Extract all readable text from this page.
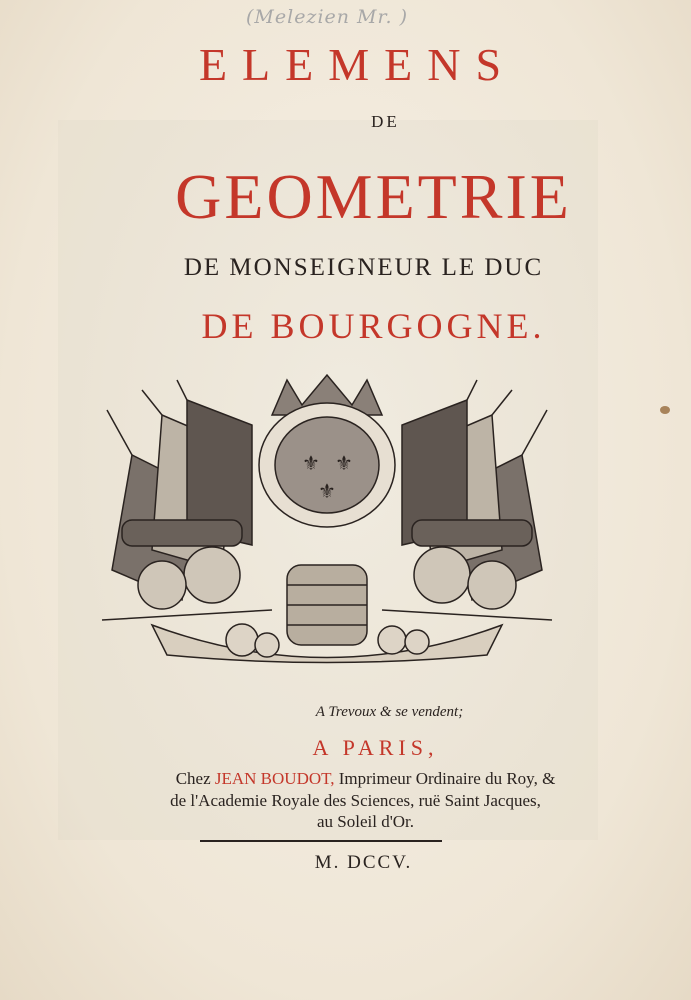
(Melezien Mr. )
ELEMENS
DE
GEOMETRIE
DE MONSEIGNEUR LE DUC
DE BOURGOGNE.
⚜ ⚜
⚜
A Trevoux & se vendent;
A PARIS,
Chez JEAN BOUDOT, Imprimeur Ordinaire du Roy, &
de l'Academie Royale des Sciences, ruë Saint Jacques,
au Soleil d'Or.
M. DCCV.
